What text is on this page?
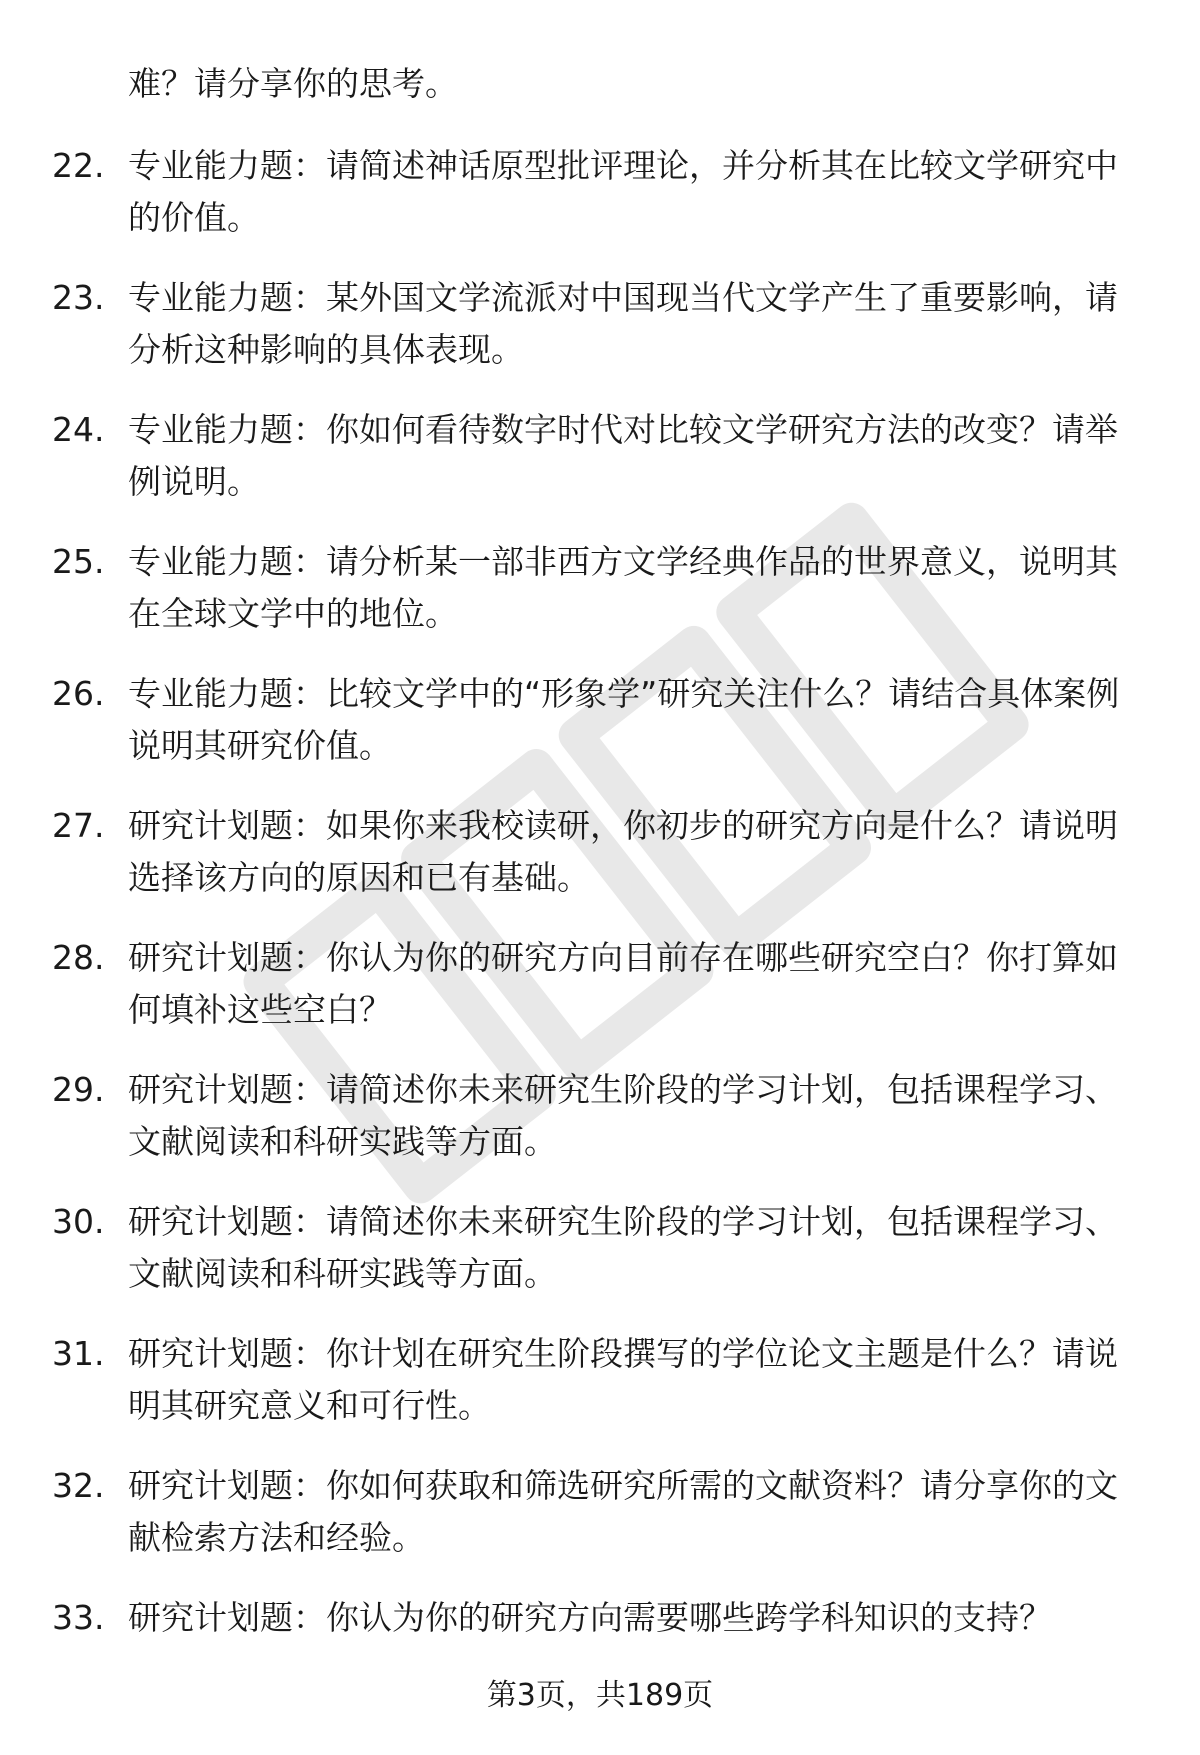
难？请分享你的思考。

22. 专业能力题：请简述神话原型批评理论，并分析其在比较文学研究中的价值。
23. 专业能力题：某外国文学流派对中国现当代文学产生了重要影响，请分析这种影响的具体表现。
24. 专业能力题：你如何看待数字时代对比较文学研究方法的改变？请举例说明。
25. 专业能力题：请分析某一部非西方文学经典作品的世界意义，说明其在全球文学中的地位。
26. 专业能力题：比较文学中的“形象学”研究关注什么？请结合具体案例说明其研究价值。
27. 研究计划题：如果你来我校读研，你初步的研究方向是什么？请说明选择该方向的原因和已有基础。
28. 研究计划题：你认为你的研究方向目前存在哪些研究空白？你打算如何填补这些空白？
29. 研究计划题：请简述你未来研究生阶段的学习计划，包括课程学习、文献阅读和科研实践等方面。
30. 研究计划题：请简述你未来研究生阶段的学习计划，包括课程学习、文献阅读和科研实践等方面。
31. 研究计划题：你计划在研究生阶段撰写的学位论文主题是什么？请说明其研究意义和可行性。
32. 研究计划题：你如何获取和筛选研究所需的文献资料？请分享你的文献检索方法和经验。
33. 研究计划题：你认为你的研究方向需要哪些跨学科知识的支持？
第3页，共189页
